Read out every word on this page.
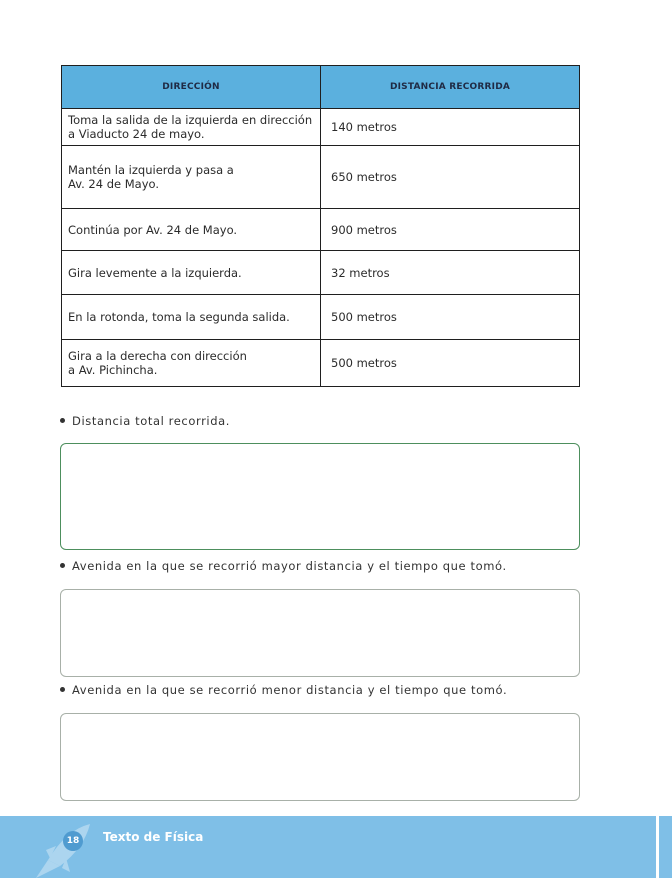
DIRECCIÓN	DISTANCIA RECORRIDA
Toma la salida de la izquierda en dirección
a Viaducto 24 de mayo.	140 metros
Mantén la izquierda y pasa a
Av. 24 de Mayo.	650 metros
Continúa por Av. 24 de Mayo.	900 metros
Gira levemente a la izquierda.	32 metros
En la rotonda, toma la segunda salida.	500 metros
Gira a la derecha con dirección
a Av. Pichincha.	500 metros
Distancia total recorrida.
Avenida en la que se recorrió mayor distancia y el tiempo que tomó.
Avenida en la que se recorrió menor distancia y el tiempo que tomó.
18	Texto de Física
